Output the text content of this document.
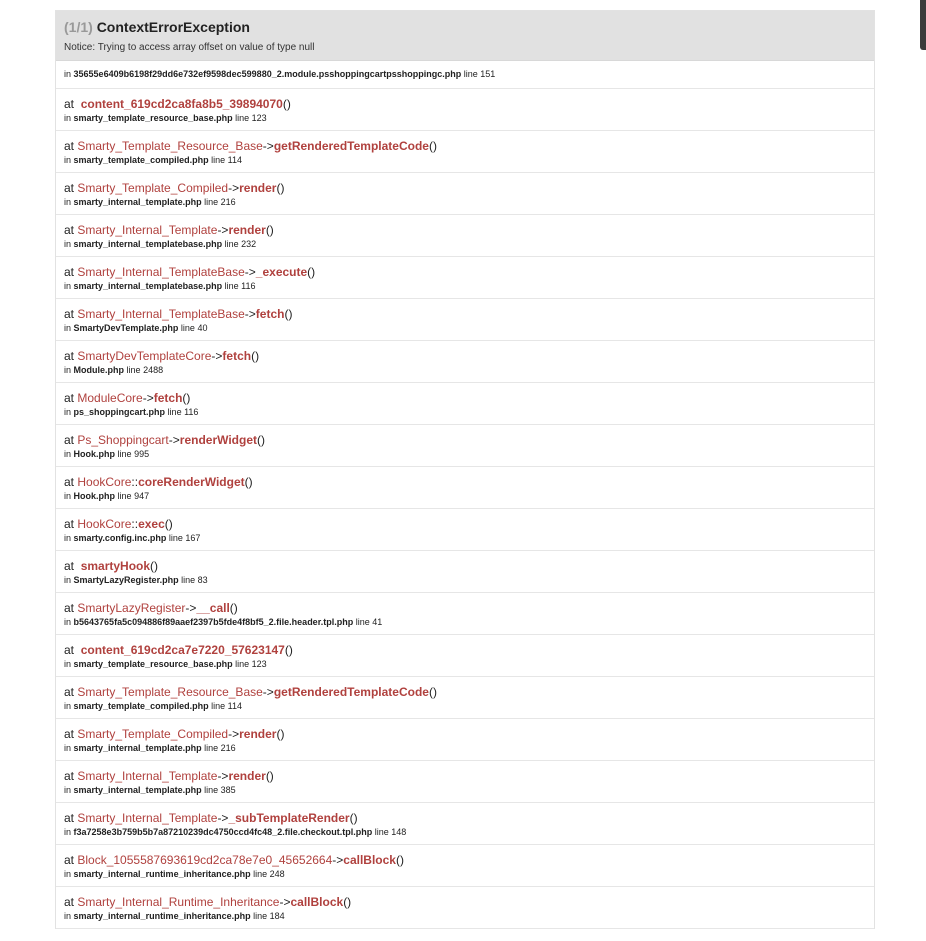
(1/1) ContextErrorException
Notice: Trying to access array offset on value of type null
in 35655e6409b6198f29dd6e732ef9598dec599880_2.module.psshoppingcartpsshoppingc.php line 151
at content_619cd2ca8fa8b5_39894070()
in smarty_template_resource_base.php line 123
at Smarty_Template_Resource_Base->getRenderedTemplateCode()
in smarty_template_compiled.php line 114
at Smarty_Template_Compiled->render()
in smarty_internal_template.php line 216
at Smarty_Internal_Template->render()
in smarty_internal_templatebase.php line 232
at Smarty_Internal_TemplateBase->_execute()
in smarty_internal_templatebase.php line 116
at Smarty_Internal_TemplateBase->fetch()
in SmartyDevTemplate.php line 40
at SmartyDevTemplateCore->fetch()
in Module.php line 2488
at ModuleCore->fetch()
in ps_shoppingcart.php line 116
at Ps_Shoppingcart->renderWidget()
in Hook.php line 995
at HookCore::coreRenderWidget()
in Hook.php line 947
at HookCore::exec()
in smarty.config.inc.php line 167
at smartyHook()
in SmartyLazyRegister.php line 83
at SmartyLazyRegister->__call()
in b5643765fa5c094886f89aaef2397b5fde4f8bf5_2.file.header.tpl.php line 41
at content_619cd2ca7e7220_57623147()
in smarty_template_resource_base.php line 123
at Smarty_Template_Resource_Base->getRenderedTemplateCode()
in smarty_template_compiled.php line 114
at Smarty_Template_Compiled->render()
in smarty_internal_template.php line 216
at Smarty_Internal_Template->render()
in smarty_internal_template.php line 385
at Smarty_Internal_Template->_subTemplateRender()
in f3a7258e3b759b5b7a87210239dc4750ccd4fc48_2.file.checkout.tpl.php line 148
at Block_1055587693619cd2ca78e7e0_45652664->callBlock()
in smarty_internal_runtime_inheritance.php line 248
at Smarty_Internal_Runtime_Inheritance->callBlock()
in smarty_internal_runtime_inheritance.php line 184
